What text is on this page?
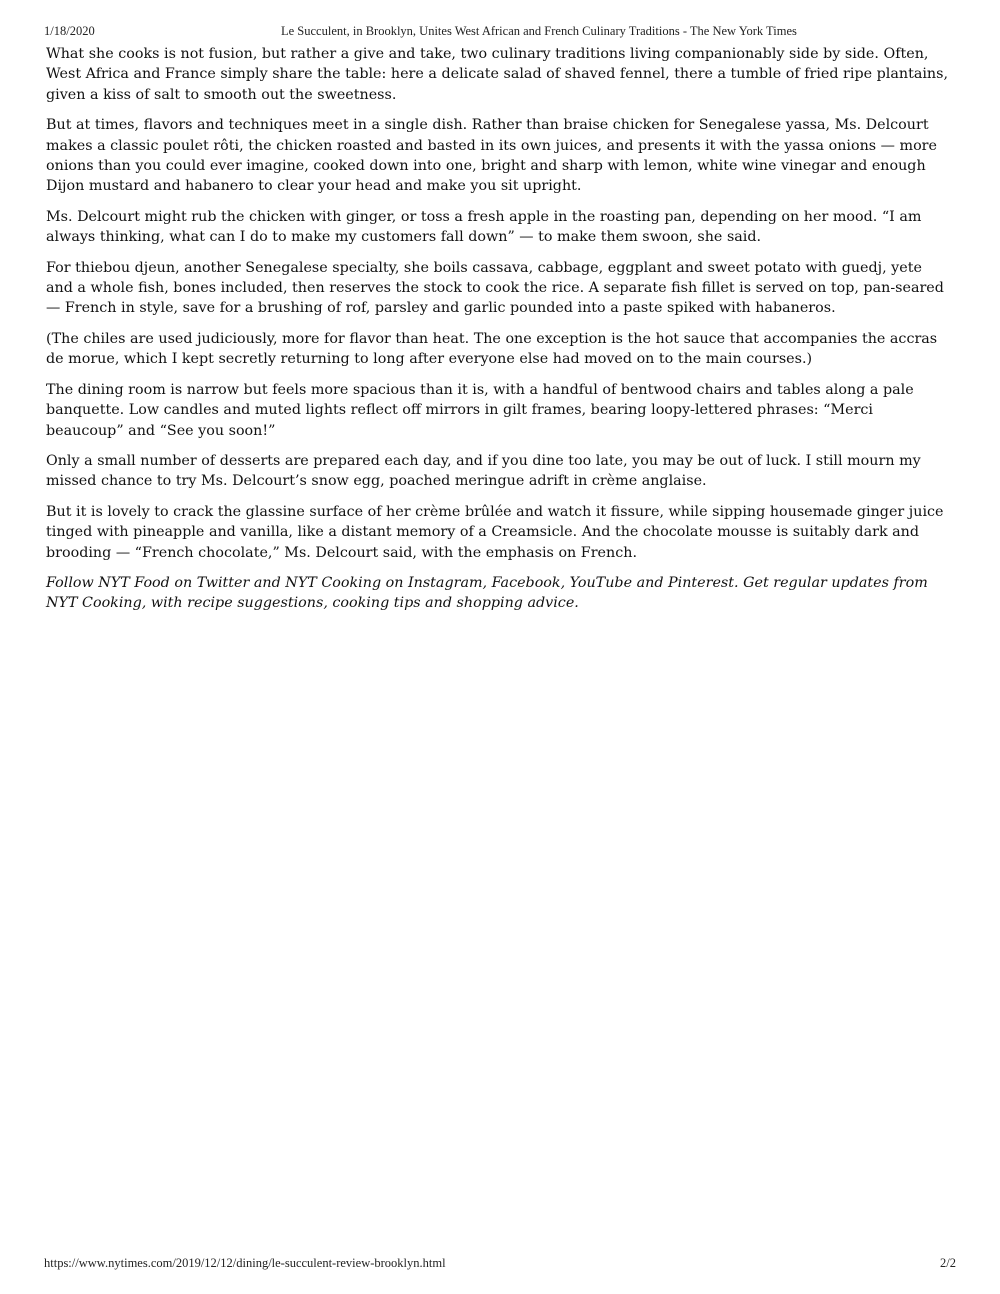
1/18/2020	Le Succulent, in Brooklyn, Unites West African and French Culinary Traditions - The New York Times

What she cooks is not fusion, but rather a give and take, two culinary traditions living companionably side by side. Often, West Africa and France simply share the table: here a delicate salad of shaved fennel, there a tumble of fried ripe plantains, given a kiss of salt to smooth out the sweetness.

But at times, flavors and techniques meet in a single dish. Rather than braise chicken for Senegalese yassa, Ms. Delcourt makes a classic poulet rôti, the chicken roasted and basted in its own juices, and presents it with the yassa onions — more onions than you could ever imagine, cooked down into one, bright and sharp with lemon, white wine vinegar and enough Dijon mustard and habanero to clear your head and make you sit upright.

Ms. Delcourt might rub the chicken with ginger, or toss a fresh apple in the roasting pan, depending on her mood. “I am always thinking, what can I do to make my customers fall down” — to make them swoon, she said.

For thiebou djeun, another Senegalese specialty, she boils cassava, cabbage, eggplant and sweet potato with guedj, yete and a whole fish, bones included, then reserves the stock to cook the rice. A separate fish fillet is served on top, pan-seared — French in style, save for a brushing of rof, parsley and garlic pounded into a paste spiked with habaneros.

(The chiles are used judiciously, more for flavor than heat. The one exception is the hot sauce that accompanies the accras de morue, which I kept secretly returning to long after everyone else had moved on to the main courses.)

The dining room is narrow but feels more spacious than it is, with a handful of bentwood chairs and tables along a pale banquette. Low candles and muted lights reflect off mirrors in gilt frames, bearing loopy-lettered phrases: “Merci beaucoup” and “See you soon!”

Only a small number of desserts are prepared each day, and if you dine too late, you may be out of luck. I still mourn my missed chance to try Ms. Delcourt’s snow egg, poached meringue adrift in crème anglaise.

But it is lovely to crack the glassine surface of her crème brûlée and watch it fissure, while sipping housemade ginger juice tinged with pineapple and vanilla, like a distant memory of a Creamsicle. And the chocolate mousse is suitably dark and brooding — “French chocolate,” Ms. Delcourt said, with the emphasis on French.

Follow NYT Food on Twitter and NYT Cooking on Instagram, Facebook, YouTube and Pinterest. Get regular updates from NYT Cooking, with recipe suggestions, cooking tips and shopping advice.

https://www.nytimes.com/2019/12/12/dining/le-succulent-review-brooklyn.html	2/2
